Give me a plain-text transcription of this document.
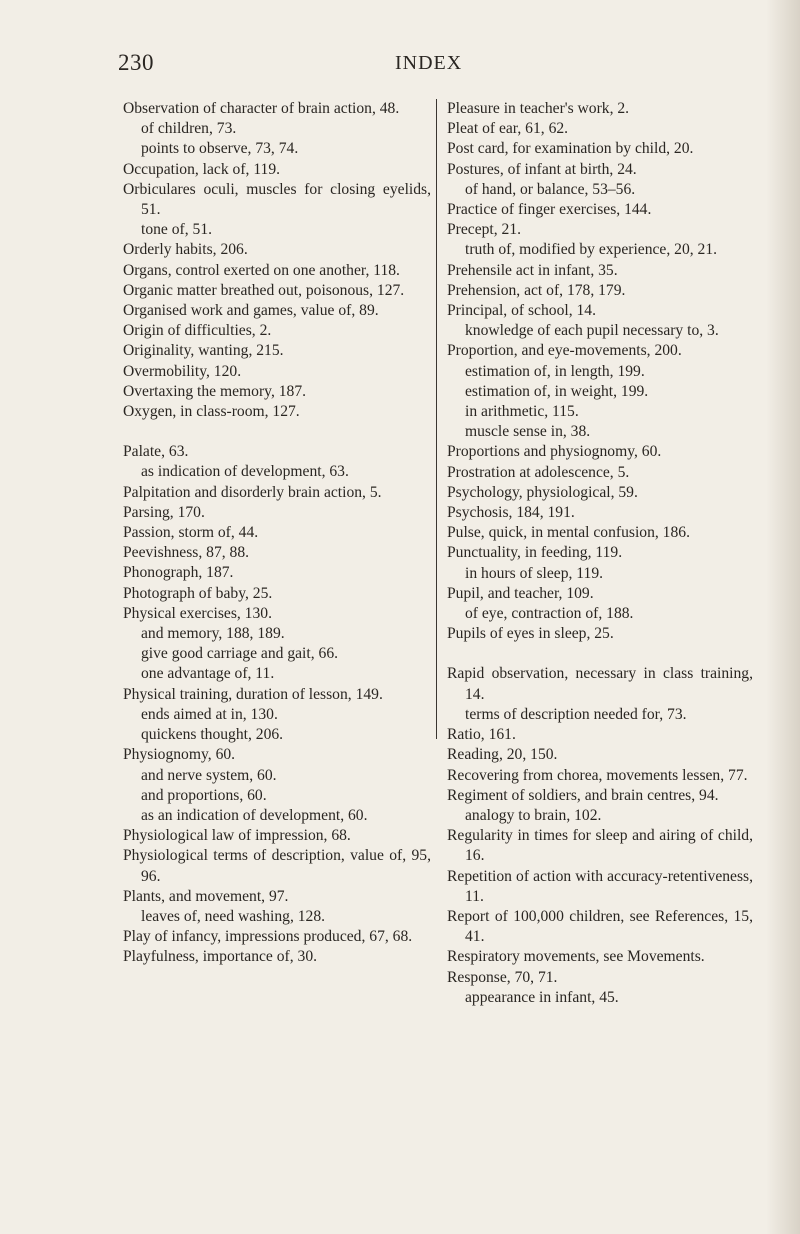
230	INDEX
Observation of character of brain action, 48.
of children, 73.
points to observe, 73, 74.
Occupation, lack of, 119.
Orbiculares oculi, muscles for closing eyelids, 51.
tone of, 51.
Orderly habits, 206.
Organs, control exerted on one another, 118.
Organic matter breathed out, poisonous, 127.
Organised work and games, value of, 89.
Origin of difficulties, 2.
Originality, wanting, 215.
Overmobility, 120.
Overtaxing the memory, 187.
Oxygen, in class-room, 127.
Palate, 63.
as indication of development, 63.
Palpitation and disorderly brain action, 5.
Parsing, 170.
Passion, storm of, 44.
Peevishness, 87, 88.
Phonograph, 187.
Photograph of baby, 25.
Physical exercises, 130.
and memory, 188, 189.
give good carriage and gait, 66.
one advantage of, 11.
Physical training, duration of lesson, 149.
ends aimed at in, 130.
quickens thought, 206.
Physiognomy, 60.
and nerve system, 60.
and proportions, 60.
as an indication of development, 60.
Physiological law of impression, 68.
Physiological terms of description, value of, 95, 96.
Plants, and movement, 97.
leaves of, need washing, 128.
Play of infancy, impressions produced, 67, 68.
Playfulness, importance of, 30.
Pleasure in teacher's work, 2.
Pleat of ear, 61, 62.
Post card, for examination by child, 20.
Postures, of infant at birth, 24.
of hand, or balance, 53–56.
Practice of finger exercises, 144.
Precept, 21.
truth of, modified by experience, 20, 21.
Prehensile act in infant, 35.
Prehension, act of, 178, 179.
Principal, of school, 14.
knowledge of each pupil necessary to, 3.
Proportion, and eye-movements, 200.
estimation of, in length, 199.
estimation of, in weight, 199.
in arithmetic, 115.
muscle sense in, 38.
Proportions and physiognomy, 60.
Prostration at adolescence, 5.
Psychology, physiological, 59.
Psychosis, 184, 191.
Pulse, quick, in mental confusion, 186.
Punctuality, in feeding, 119.
in hours of sleep, 119.
Pupil, and teacher, 109.
of eye, contraction of, 188.
Pupils of eyes in sleep, 25.
Rapid observation, necessary in class training, 14.
terms of description needed for, 73.
Ratio, 161.
Reading, 20, 150.
Recovering from chorea, movements lessen, 77.
Regiment of soldiers, and brain centres, 94.
analogy to brain, 102.
Regularity in times for sleep and airing of child, 16.
Repetition of action with accuracy-retentiveness, 11.
Report of 100,000 children, see References, 15, 41.
Respiratory movements, see Movements.
Response, 70, 71.
appearance in infant, 45.
